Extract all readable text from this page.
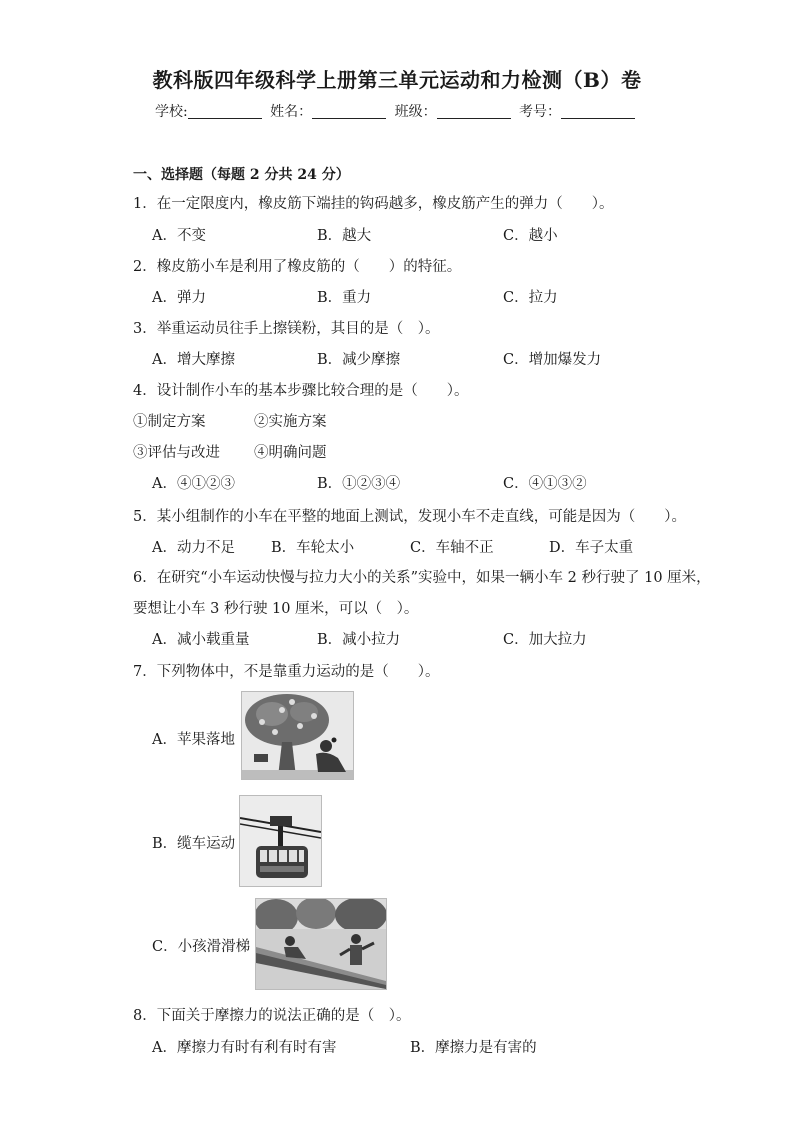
教科版四年级科学上册第三单元运动和力检测（B）卷
学校:	姓名：	班级：	考号：
一、选择题（每题 2 分共 24 分）
1．在一定限度内，橡皮筋下端挂的钩码越多，橡皮筋产生的弹力（　　）。
A．不变	B．越大	C．越小
2．橡皮筋小车是利用了橡皮筋的（　　）的特征。
A．弹力	B．重力	C．拉力
3．举重运动员往手上擦镁粉，其目的是（　）。
A．增大摩擦	B．减少摩擦	C．增加爆发力
4．设计制作小车的基本步骤比较合理的是（　　）。
①制定方案	②实施方案
③评估与改进 ④明确问题
A．④①②③	B．①②③④	C．④①③②
5．某小组制作的小车在平整的地面上测试，发现小车不走直线，可能是因为（　　）。
A．动力不足 B．车轮太小	C．车轴不正	D．车子太重
6．在研究“小车运动快慢与拉力大小的关系”实验中，如果一辆小车 2 秒行驶了 10 厘米，
要想让小车 3 秒行驶 10 厘米，可以（　）。
A．减小载重量	B．减小拉力	C．加大拉力
7．下列物体中，不是靠重力运动的是（　　）。
A．苹果落地
B．缆车运动
C．小孩滑滑梯
8．下面关于摩擦力的说法正确的是（　）。
A．摩擦力有时有利有时有害	B．摩擦力是有害的
